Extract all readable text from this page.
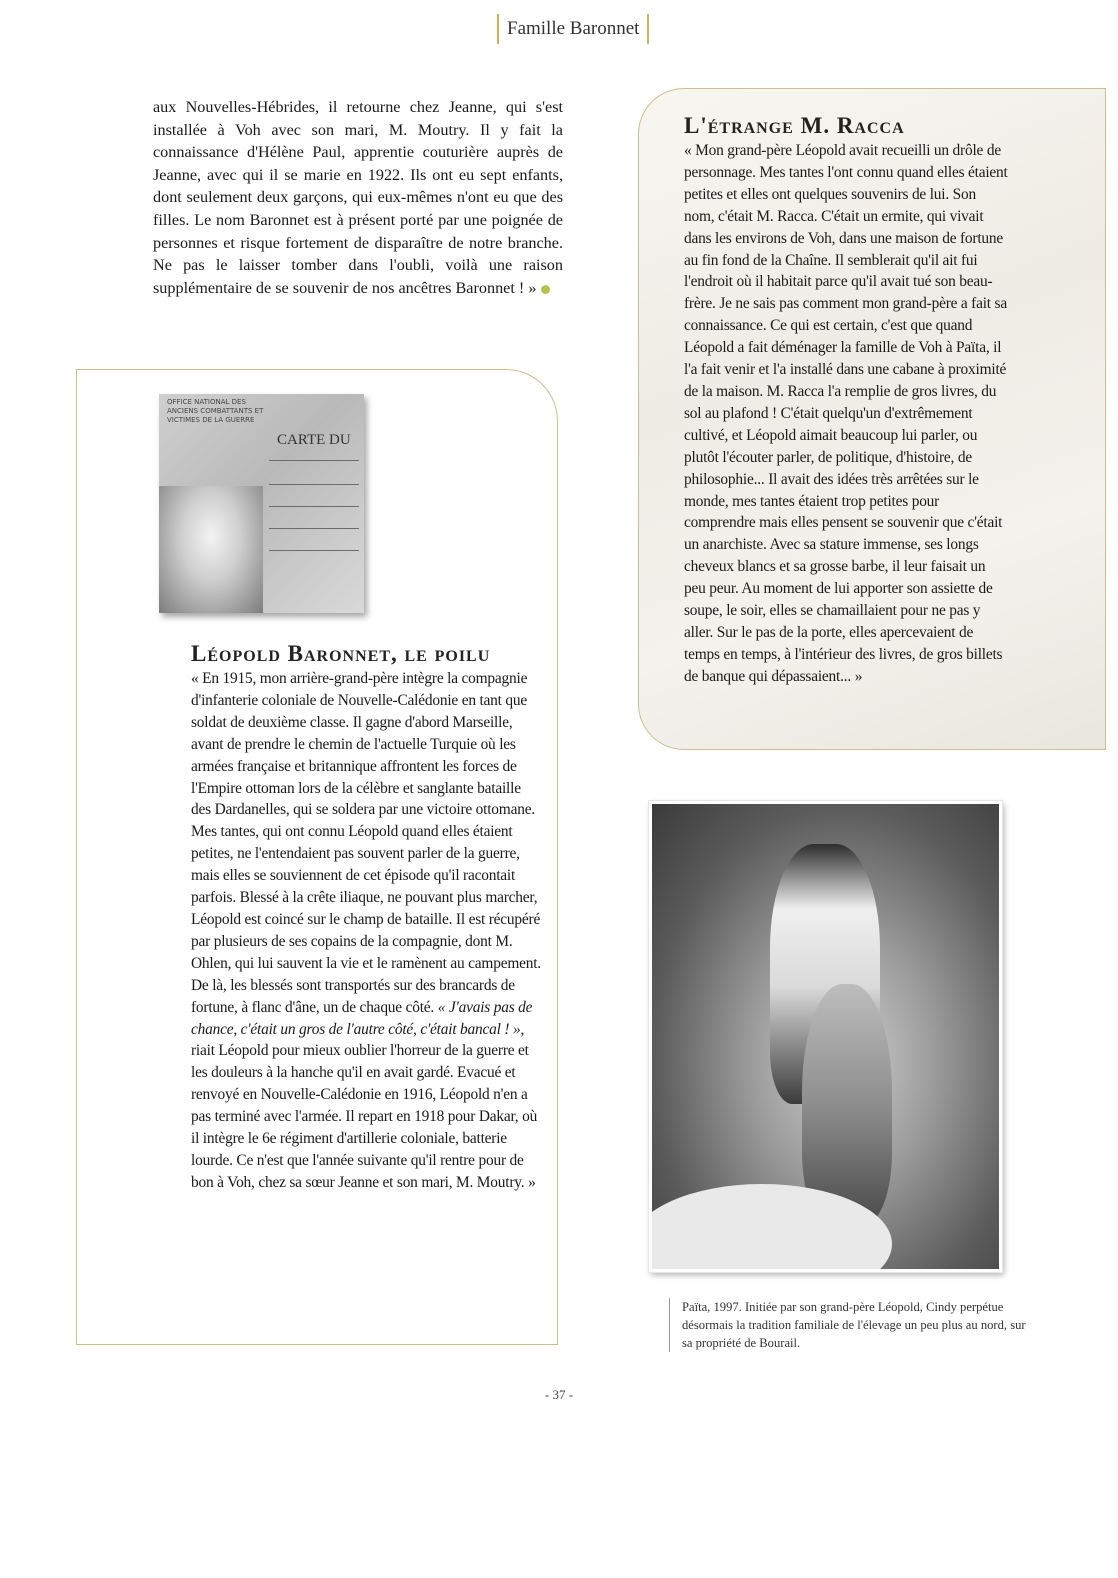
Famille Baronnet

aux Nouvelles-Hébrides, il retourne chez Jeanne, qui s'est installée à Voh avec son mari, M. Moutry. Il y fait la connaissance d'Hélène Paul, apprentie couturière auprès de Jeanne, avec qui il se marie en 1922. Ils ont eu sept enfants, dont seulement deux garçons, qui eux-mêmes n'ont eu que des filles. Le nom Baronnet est à présent porté par une poignée de personnes et risque fortement de disparaître de notre branche. Ne pas le laisser tomber dans l'oubli, voilà une raison supplémentaire de se souvenir de nos ancêtres Baronnet ! »

OFFICE NATIONAL DES ANCIENS COMBATTANTS ET VICTIMES DE LA GUERRE
CARTE DU
Léopold Baronnet, le poilu

« En 1915, mon arrière-grand-père intègre la compagnie d'infanterie coloniale de Nouvelle-Calédonie en tant que soldat de deuxième classe. Il gagne d'abord Marseille, avant de prendre le chemin de l'actuelle Turquie où les armées française et britannique affrontent les forces de l'Empire ottoman lors de la célèbre et sanglante bataille des Dardanelles, qui se soldera par une victoire ottomane. Mes tantes, qui ont connu Léopold quand elles étaient petites, ne l'entendaient pas souvent parler de la guerre, mais elles se souviennent de cet épisode qu'il racontait parfois. Blessé à la crête iliaque, ne pouvant plus marcher, Léopold est coincé sur le champ de bataille. Il est récupéré par plusieurs de ses copains de la compagnie, dont M. Ohlen, qui lui sauvent la vie et le ramènent au campement. De là, les blessés sont transportés sur des brancards de fortune, à flanc d'âne, un de chaque côté. « J'avais pas de chance, c'était un gros de l'autre côté, c'était bancal ! », riait Léopold pour mieux oublier l'horreur de la guerre et les douleurs à la hanche qu'il en avait gardé. Evacué et renvoyé en Nouvelle-Calédonie en 1916, Léopold n'en a pas terminé avec l'armée. Il repart en 1918 pour Dakar, où il intègre le 6e régiment d'artillerie coloniale, batterie lourde. Ce n'est que l'année suivante qu'il rentre pour de bon à Voh, chez sa sœur Jeanne et son mari, M. Moutry. »

L'étrange M. Racca
« Mon grand-père Léopold avait recueilli un drôle de personnage. Mes tantes l'ont connu quand elles étaient petites et elles ont quelques souvenirs de lui. Son nom, c'était M. Racca. C'était un ermite, qui vivait dans les environs de Voh, dans une maison de fortune au fin fond de la Chaîne. Il semblerait qu'il ait fui l'endroit où il habitait parce qu'il avait tué son beau-frère. Je ne sais pas comment mon grand-père a fait sa connaissance. Ce qui est certain, c'est que quand Léopold a fait déménager la famille de Voh à Païta, il l'a fait venir et l'a installé dans une cabane à proximité de la maison. M. Racca l'a remplie de gros livres, du sol au plafond ! C'était quelqu'un d'extrêmement cultivé, et Léopold aimait beaucoup lui parler, ou plutôt l'écouter parler, de politique, d'histoire, de philosophie... Il avait des idées très arrêtées sur le monde, mes tantes étaient trop petites pour comprendre mais elles pensent se souvenir que c'était un anarchiste. Avec sa stature immense, ses longs cheveux blancs et sa grosse barbe, il leur faisait un peu peur. Au moment de lui apporter son assiette de soupe, le soir, elles se chamaillaient pour ne pas y aller. Sur le pas de la porte, elles apercevaient de temps en temps, à l'intérieur des livres, de gros billets de banque qui dépassaient... »

Païta, 1997. Initiée par son grand-père Léopold, Cindy perpétue désormais la tradition familiale de l'élevage un peu plus au nord, sur sa propriété de Bourail.

- 37 -
